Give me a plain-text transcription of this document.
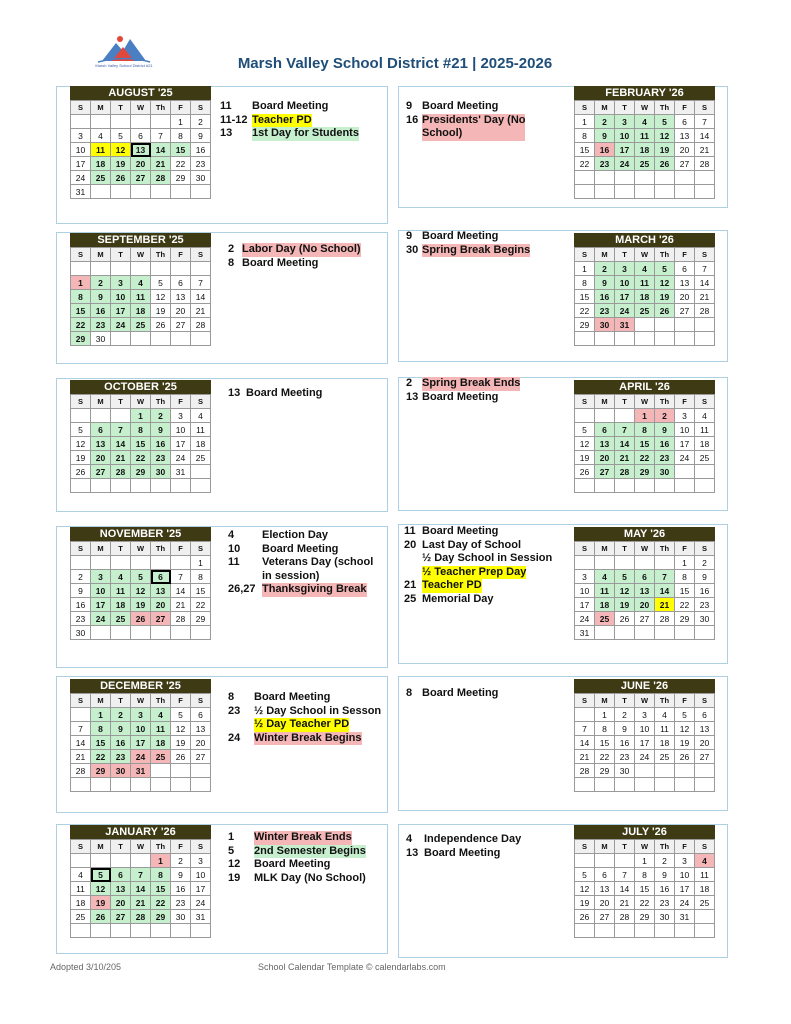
Marsh Valley School District #21	Marsh Valley School District #21 | 2025-2026
AUGUST '25
S	M	T	W	Th	F	S
					1	2
3	4	5	6	7	8	9
10	11	12	13	14	15	16
17	18	19	20	21	22	23
24	25	26	27	28	29	30
31						
SEPTEMBER '25
S	M	T	W	Th	F	S

1	2	3	4	5	6	7
8	9	10	11	12	13	14
15	16	17	18	19	20	21
22	23	24	25	26	27	28
29	30					
OCTOBER '25
S	M	T	W	Th	F	S
			1	2	3	4
5	6	7	8	9	10	11
12	13	14	15	16	17	18
19	20	21	22	23	24	25
26	27	28	29	30	31	

NOVEMBER '25
S	M	T	W	Th	F	S
						1
2	3	4	5	6	7	8
9	10	11	12	13	14	15
16	17	18	19	20	21	22
23	24	25	26	27	28	29
30						
DECEMBER '25
S	M	T	W	Th	F	S
	1	2	3	4	5	6
7	8	9	10	11	12	13
14	15	16	17	18	19	20
21	22	23	24	25	26	27
28	29	30	31			

JANUARY '26
S	M	T	W	Th	F	S
				1	2	3
4	5	6	7	8	9	10
11	12	13	14	15	16	17
18	19	20	21	22	23	24
25	26	27	28	29	30	31

FEBRUARY '26
S	M	T	W	Th	F	S
1	2	3	4	5	6	7
8	9	10	11	12	13	14
15	16	17	18	19	20	21
22	23	24	25	26	27	28

MARCH '26
S	M	T	W	Th	F	S
1	2	3	4	5	6	7
8	9	10	11	12	13	14
15	16	17	18	19	20	21
22	23	24	25	26	27	28
29	30	31				

APRIL '26
S	M	T	W	Th	F	S
			1	2	3	4
5	6	7	8	9	10	11
12	13	14	15	16	17	18
19	20	21	22	23	24	25
26	27	28	29	30		

MAY '26
S	M	T	W	Th	F	S
					1	2
3	4	5	6	7	8	9
10	11	12	13	14	15	16
17	18	19	20	21	22	23
24	25	26	27	28	29	30
31						
JUNE '26
S	M	T	W	Th	F	S
	1	2	3	4	5	6
7	8	9	10	11	12	13
14	15	16	17	18	19	20
21	22	23	24	25	26	27
28	29	30				

JULY '26
S	M	T	W	Th	F	S
			1	2	3	4
5	6	7	8	9	10	11
12	13	14	15	16	17	18
19	20	21	22	23	24	25
26	27	28	29	30	31	

11	Board Meeting
11-12 Teacher PD
13	1st Day for Students
2 Labor Day (No School)
8 Board Meeting
13 Board Meeting
4	Election Day
10	Board Meeting
11	Veterans Day (school
in session)
26,27 Thanksgiving Break
8	Board Meeting
23	½ Day School in Sesson
½ Day Teacher PD
24	Winter Break Begins
1	Winter Break Ends
5	2nd Semester Begins
12	Board Meeting
19	MLK Day (No School)
9 Board Meeting
16 Presidents' Day (No
School)
9 Board Meeting
30 Spring Break Begins
2 Spring Break Ends
13 Board Meeting
11 Board Meeting
20 Last Day of School
½ Day School in Session
½ Teacher Prep Day
21 Teacher PD
25 Memorial Day
8 Board Meeting
4	Independence Day
13 Board Meeting
Adopted 3/10/205	School Calendar Template © calendarlabs.com
